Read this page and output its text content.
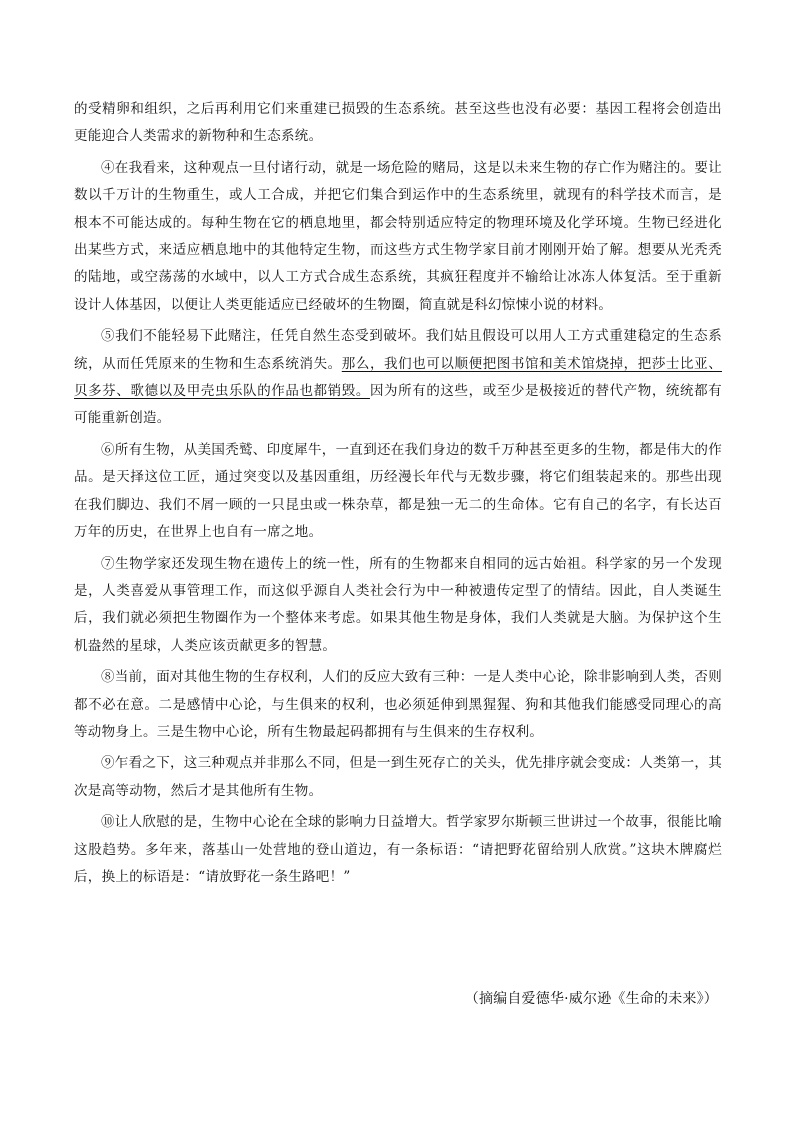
的受精卵和组织，之后再利用它们来重建已损毁的生态系统。甚至这些也没有必要：基因工程将会创造出更能迎合人类需求的新物种和生态系统。

④在我看来，这种观点一旦付诸行动，就是一场危险的赌局，这是以未来生物的存亡作为赌注的。要让数以千万计的生物重生，或人工合成，并把它们集合到运作中的生态系统里，就现有的科学技术而言，是根本不可能达成的。每种生物在它的栖息地里，都会特别适应特定的物理环境及化学环境。生物已经进化出某些方式，来适应栖息地中的其他特定生物，而这些方式生物学家目前才刚刚开始了解。想要从光秃秃的陆地，或空荡荡的水域中，以人工方式合成生态系统，其疯狂程度并不输给让冰冻人体复活。至于重新设计人体基因，以便让人类更能适应已经破坏的生物圈，简直就是科幻惊悚小说的材料。

⑤我们不能轻易下此赌注，任凭自然生态受到破坏。我们姑且假设可以用人工方式重建稳定的生态系统，从而任凭原来的生物和生态系统消失。那么，我们也可以顺便把图书馆和美术馆烧掉，把莎士比亚、贝多芬、歌德以及甲壳虫乐队的作品也都销毁。因为所有的这些，或至少是极接近的替代产物，统统都有可能重新创造。

⑥所有生物，从美国秃鹫、印度犀牛，一直到还在我们身边的数千万种甚至更多的生物，都是伟大的作品。是天择这位工匠，通过突变以及基因重组，历经漫长年代与无数步骤，将它们组装起来的。那些出现在我们脚边、我们不屑一顾的一只昆虫或一株杂草，都是独一无二的生命体。它有自己的名字，有长达百万年的历史，在世界上也自有一席之地。

⑦生物学家还发现生物在遗传上的统一性，所有的生物都来自相同的远古始祖。科学家的另一个发现是，人类喜爱从事管理工作，而这似乎源自人类社会行为中一种被遗传定型了的情结。因此，自人类诞生后，我们就必须把生物圈作为一个整体来考虑。如果其他生物是身体，我们人类就是大脑。为保护这个生机盎然的星球，人类应该贡献更多的智慧。

⑧当前，面对其他生物的生存权利，人们的反应大致有三种：一是人类中心论，除非影响到人类，否则都不必在意。二是感情中心论，与生俱来的权利，也必须延伸到黑猩猩、狗和其他我们能感受同理心的高等动物身上。三是生物中心论，所有生物最起码都拥有与生俱来的生存权利。

⑨乍看之下，这三种观点并非那么不同，但是一到生死存亡的关头，优先排序就会变成：人类第一，其次是高等动物，然后才是其他所有生物。

⑩让人欣慰的是，生物中心论在全球的影响力日益增大。哲学家罗尔斯顿三世讲过一个故事，很能比喻这股趋势。多年来，落基山一处营地的登山道边，有一条标语：“请把野花留给别人欣赏。”这块木牌腐烂后，换上的标语是：“请放野花一条生路吧！”

（摘编自爱德华·威尔逊《生命的未来》）
